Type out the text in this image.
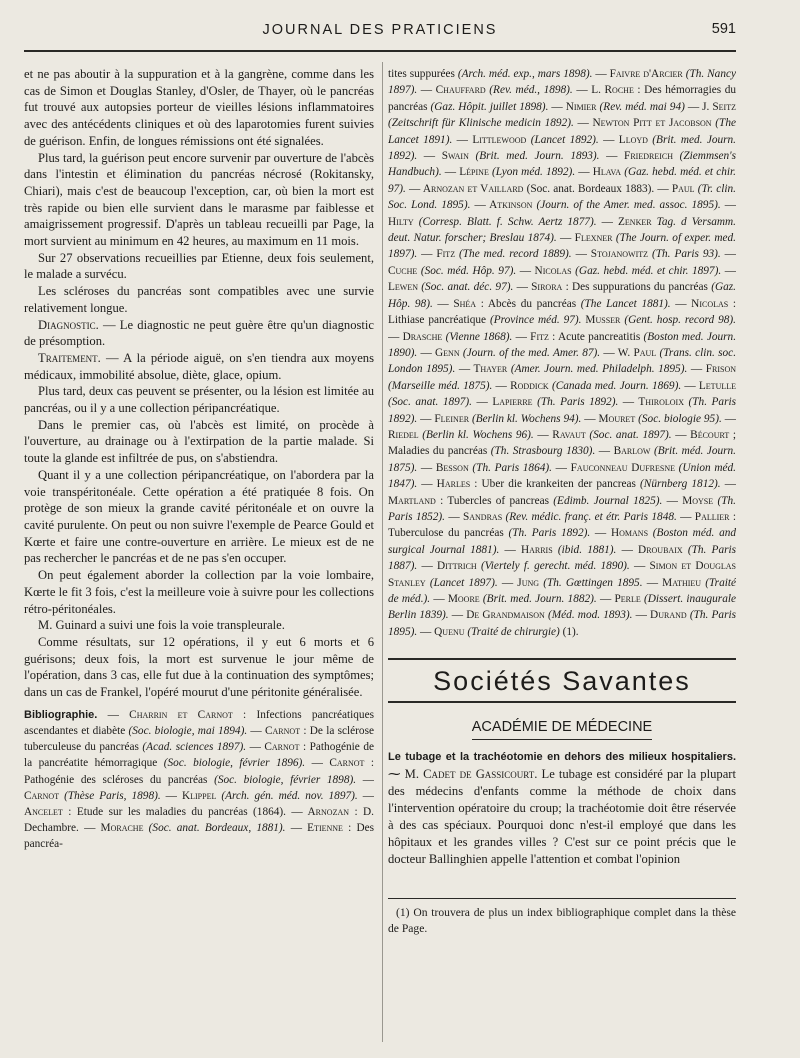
JOURNAL DES PRATICIENS	591

et ne pas aboutir à la suppuration et à la gangrène, comme dans les cas de Simon et Douglas Stanley, d'Osler, de Thayer, où le pancréas fut trouvé aux autopsies porteur de vieilles lésions inflammatoires avec des antécédents cliniques et où des laparotomies furent suivies de guérison. Enfin, de longues rémissions ont été signalées.

Plus tard, la guérison peut encore survenir par ouverture de l'abcès dans l'intestin et élimination du pancréas nécrosé (Rokitansky, Chiari), mais c'est de beaucoup l'exception, car, où bien la mort est très rapide ou bien elle survient dans le marasme par faiblesse et amaigrissement progressif. D'après un tableau recueilli par Page, la mort survient au minimum en 42 heures, au maximum en 11 mois.

Sur 27 observations recueillies par Etienne, deux fois seulement, le malade a survécu.

Les scléroses du pancréas sont compatibles avec une survie relativement longue.

Diagnostic. — Le diagnostic ne peut guère être qu'un diagnostic de présomption.

Traitement. — A la période aiguë, on s'en tiendra aux moyens médicaux, immobilité absolue, diète, glace, opium.

Plus tard, deux cas peuvent se présenter, ou la lésion est limitée au pancréas, ou il y a une collection péripancréatique.

Dans le premier cas, où l'abcès est limité, on procède à l'ouverture, au drainage ou à l'extirpation de la partie malade. Si toute la glande est infiltrée de pus, on s'abstiendra.

Quant il y a une collection péripancréatique, on l'abordera par la voie transpéritonéale. Cette opération a été pratiquée 8 fois. On protège de son mieux la grande cavité péritonéale et on ouvre la cavité purulente. On peut ou non suivre l'exemple de Pearce Gould et Kœrte et faire une contre-ouverture en arrière. Le mieux est de ne pas rechercher le pancréas et de ne pas s'en occuper.

On peut également aborder la collection par la voie lombaire, Kœrte le fit 3 fois, c'est la meilleure voie à suivre pour les collections rétro-péritonéales.

M. Guinard a suivi une fois la voie transpleurale.

Comme résultats, sur 12 opérations, il y eut 6 morts et 6 guérisons; deux fois, la mort est survenue le jour même de l'opération, dans 3 cas, elle fut due à la continuation des symptômes; dans un cas de Frankel, l'opéré mourut d'une péritonite généralisée.

Bibliographie. — Charrin et Carnot : Infections pancréatiques ascendantes et diabète (Soc. biologie, mai 1894). — Carnot : De la sclérose tuberculeuse du pancréas (Acad. sciences 1897). — Carnot : Pathogénie de la pancréatite hémorragique (Soc. biologie, février 1896). — Carnot : Pathogénie des scléroses du pancréas (Soc. biologie, février 1898). — Carnot (Thèse Paris, 1898). — Klippel (Arch. gén. méd. nov. 1897). — Ancelet : Etude sur les maladies du pancréas (1864). — Arnozan : D. Dechambre. — Morache (Soc. anat. Bordeaux, 1881). — Etienne : Des pancréa-
tites suppurées (Arch. méd. exp., mars 1898). — Faivre d'Arcier (Th. Nancy 1897). — Chauffard (Rev. méd., 1898). — L. Roche : Des hémorragies du pancréas (Gaz. Hôpit. juillet 1898). — Nimier (Rev. méd. mai 94) — J. Seitz (Zeitschrift für Klinische medicin 1892). — Newton Pitt et Jacobson (The Lancet 1891). — Littlewood (Lancet 1892). — Lloyd (Brit. med. Journ. 1892). — Swain (Brit. med. Journ. 1893). — Friedreich (Ziemmsen's Handbuch). — Lépine (Lyon méd. 1892). — Hlava (Gaz. hebd. méd. et chir. 97). — Arnozan et Vaillard (Soc. anat. Bordeaux 1883). — Paul (Tr. clin. Soc. Lond. 1895). — Atkinson (Journ. of the Amer. med. assoc. 1895). — Hilty (Corresp. Blatt. f. Schw. Aertz 1877). — Zenker Tag. d Versamm. deut. Natur. forscher; Breslau 1874). — Flexner (The Journ. of exper. med. 1897). — Fitz (The med. record 1889). — Stojanowitz (Th. Paris 93). — Cuche (Soc. méd. Hôp. 97). — Nicolas (Gaz. hebd. méd. et chir. 1897). — Lewen (Soc. anat. déc. 97). — Sirora : Des suppurations du pancréas (Gaz. Hôp. 98). — Shéa : Abcès du pancréas (The Lancet 1881). — Nicolas : Lithiase pancréatique (Province méd. 97). Musser (Gent. hosp. record 98). — Drasche (Vienne 1868). — Fitz : Acute pancreatitis (Boston med. Journ. 1890). — Genn (Journ. of the med. Amer. 87). — W. Paul (Trans. clin. soc. London 1895). — Thayer (Amer. Journ. med. Philadelph. 1895). — Frison (Marseille méd. 1875). — Roddick (Canada med. Journ. 1869). — Letulle (Soc. anat. 1897). — Lapierre (Th. Paris 1892). — Thiroloix (Th. Paris 1892). — Fleiner (Berlin kl. Wochens 94). — Mouret (Soc. biologie 95). — Riedel (Berlin kl. Wochens 96). — Ravaut (Soc. anat. 1897). — Bécourt ; Maladies du pancréas (Th. Strasbourg 1830). — Barlow (Brit. méd. Journ. 1875). — Besson (Th. Paris 1864). — Fauconneau Dufresne (Union méd. 1847). — Harles : Uber die krankeiten der pancreas (Nürnberg 1812). — Martland : Tubercles of pancreas (Edimb. Journal 1825). — Moyse (Th. Paris 1852). — Sandras (Rev. médic. franç. et étr. Paris 1848. — Pallier : Tuberculose du pancréas (Th. Paris 1892). — Homans (Boston méd. and surgical Journal 1881). — Harris (ibid. 1881). — Droubaix (Th. Paris 1887). — Dittrich (Viertely f. gerecht. méd. 1890). — Simon et Douglas Stanley (Lancet 1897). — Jung (Th. Gœttingen 1895. — Mathieu (Traité de méd.). — Moore (Brit. med. Journ. 1882). — Perle (Dissert. inaugurale Berlin 1839). — De Grandmaison (Méd. mod. 1893). — Durand (Th. Paris 1895). — Quenu (Traité de chirurgie) (1).
Sociétés Savantes
ACADÉMIE DE MÉDECINE
Le tubage et la trachéotomie en dehors des milieux hospitaliers. ⁓ M. Cadet de Gassicourt. Le tubage est considéré par la plupart des médecins d'enfants comme la méthode de choix dans l'intervention opératoire du croup; la trachéotomie doit être réservée à des cas spéciaux. Pourquoi donc n'est-il employé que dans les hôpitaux et les grandes villes ? C'est sur ce point précis que le docteur Ballinghien appelle l'attention et combat l'opinion
(1) On trouvera de plus un index bibliographique complet dans la thèse de Page.
